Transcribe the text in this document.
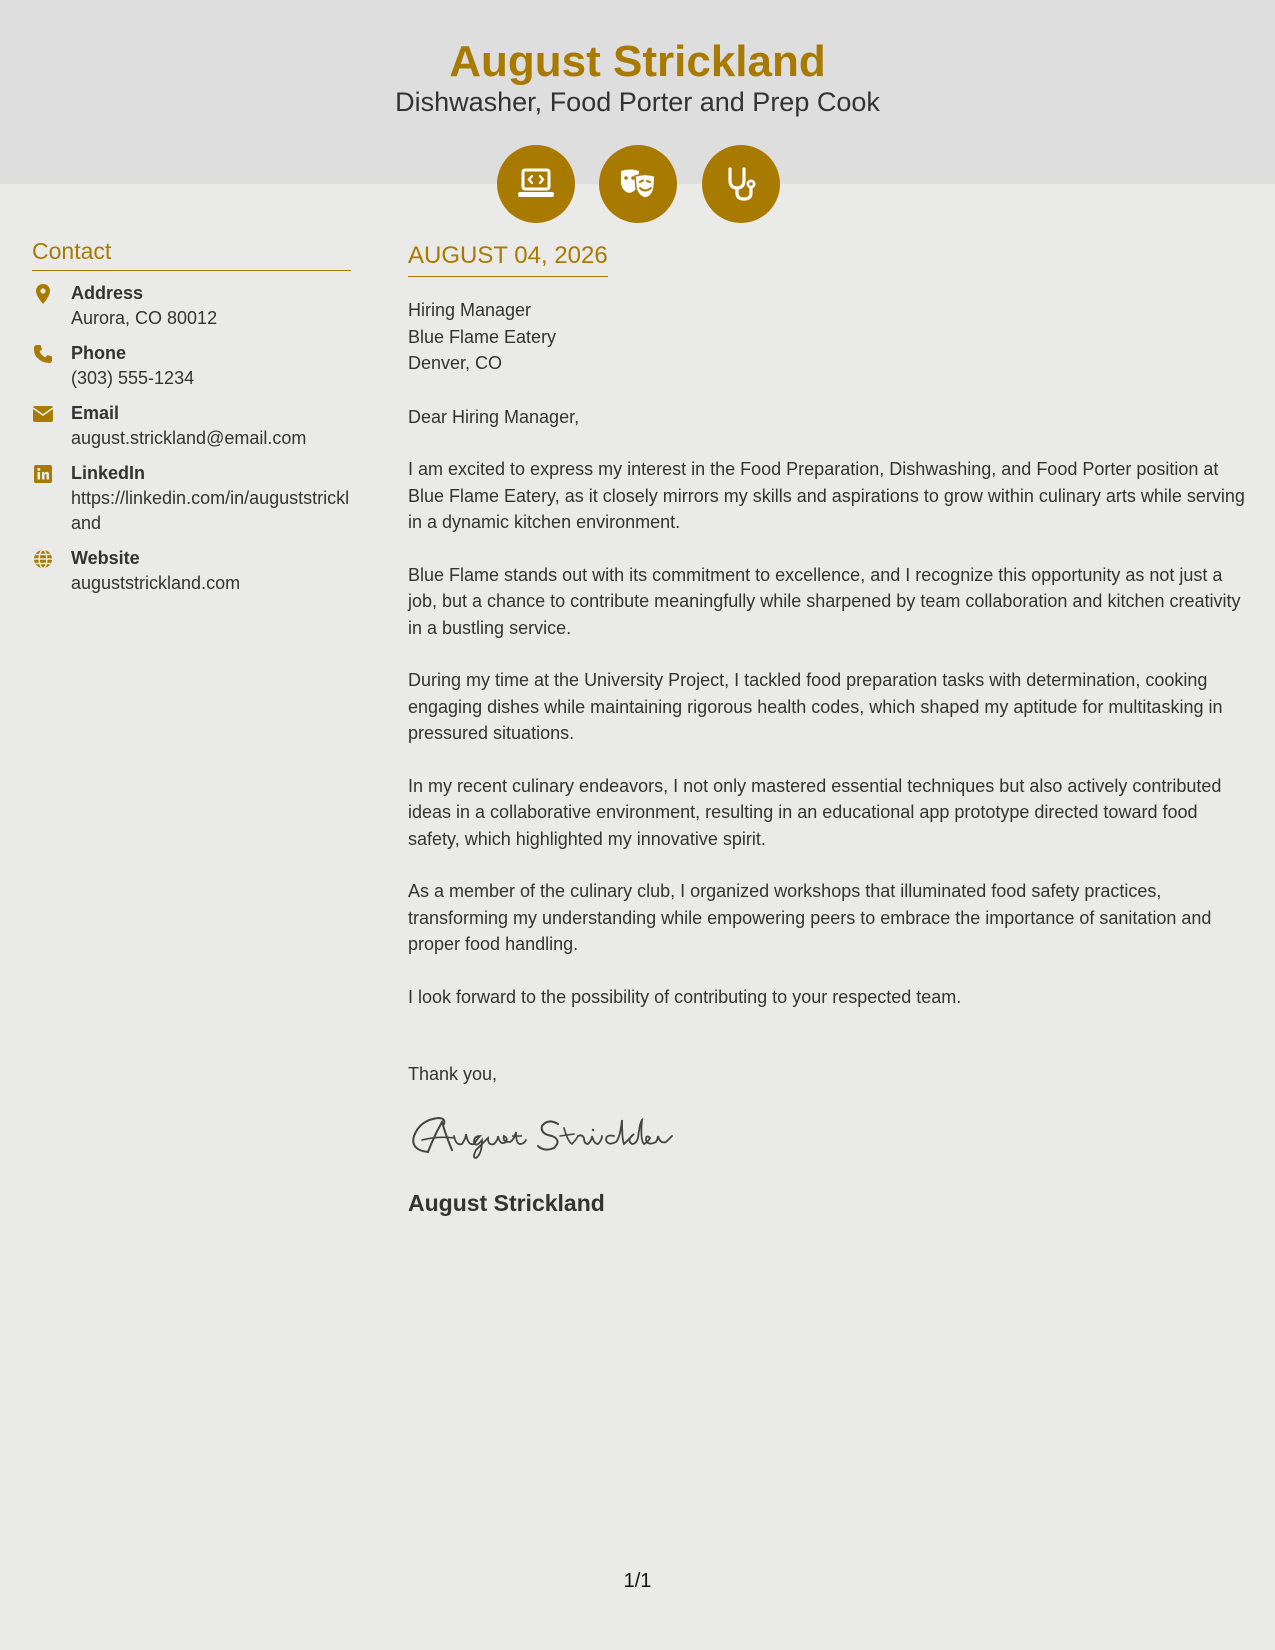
August Strickland
Dishwasher, Food Porter and Prep Cook
Contact
Address
Aurora, CO 80012
Phone
(303) 555-1234
Email
august.strickland@email.com
LinkedIn
https://linkedin.com/in/auguststrickland
Website
auguststrickland.com
AUGUST 04, 2026
Hiring Manager
Blue Flame Eatery
Denver, CO
Dear Hiring Manager,
I am excited to express my interest in the Food Preparation, Dishwashing, and Food Porter position at Blue Flame Eatery, as it closely mirrors my skills and aspirations to grow within culinary arts while serving in a dynamic kitchen environment.
Blue Flame stands out with its commitment to excellence, and I recognize this opportunity as not just a job, but a chance to contribute meaningfully while sharpened by team collaboration and kitchen creativity in a bustling service.
During my time at the University Project, I tackled food preparation tasks with determination, cooking engaging dishes while maintaining rigorous health codes, which shaped my aptitude for multitasking in pressured situations.
In my recent culinary endeavors, I not only mastered essential techniques but also actively contributed ideas in a collaborative environment, resulting in an educational app prototype directed toward food safety, which highlighted my innovative spirit.
As a member of the culinary club, I organized workshops that illuminated food safety practices, transforming my understanding while empowering peers to embrace the importance of sanitation and proper food handling.
I look forward to the possibility of contributing to your respected team.
Thank you,
August Strickland
1/1
